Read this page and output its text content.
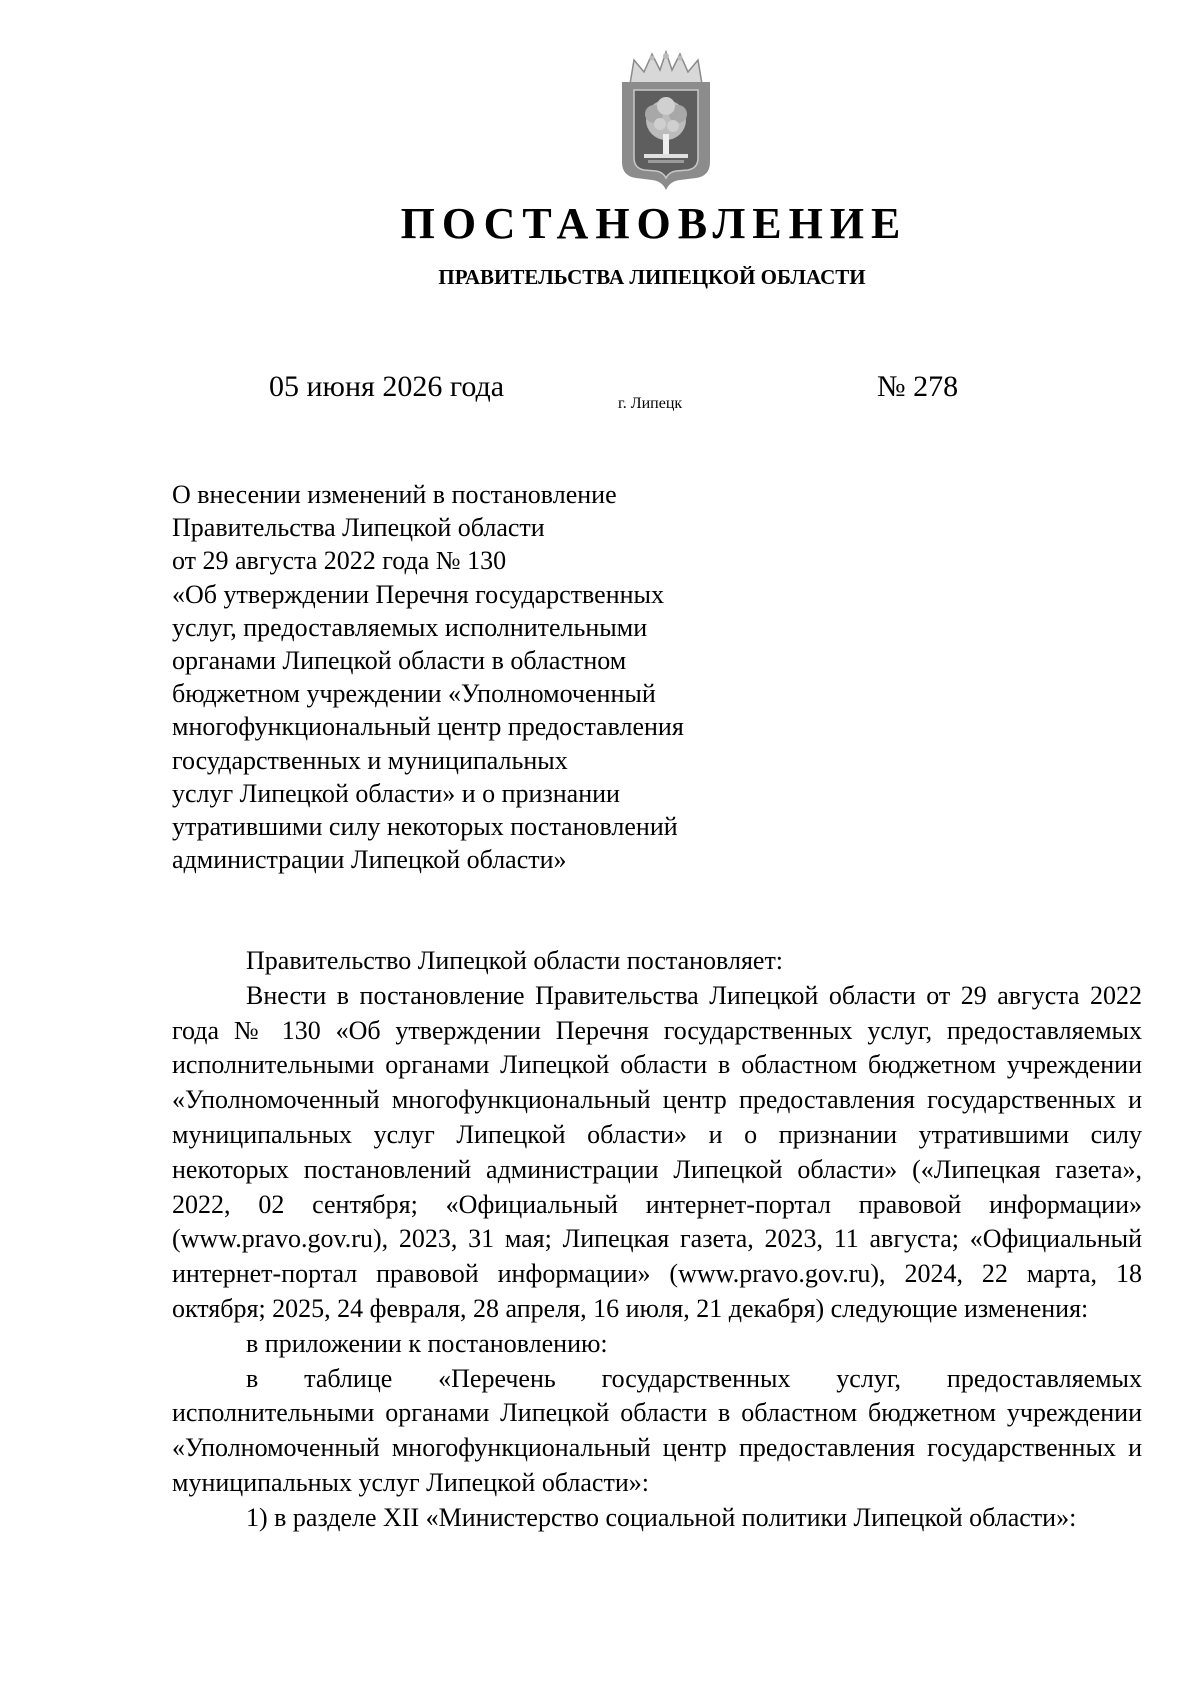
ПОСТАНОВЛЕНИЕ
ПРАВИТЕЛЬСТВА ЛИПЕЦКОЙ ОБЛАСТИ
05 июня 2026 года
г. Липецк
№ 278
О внесении изменений в постановление
Правительства Липецкой области
от 29 августа 2022 года № 130
«Об утверждении Перечня государственных
услуг, предоставляемых исполнительными
органами Липецкой области в областном
бюджетном учреждении «Уполномоченный
многофункциональный центр предоставления
государственных и муниципальных
услуг Липецкой области» и о признании
утратившими силу некоторых постановлений
администрации Липецкой области»

Правительство Липецкой области постановляет:

Внести в постановление Правительства Липецкой области от 29 августа 2022 года № 130 «Об утверждении Перечня государственных услуг, предоставляемых исполнительными органами Липецкой области в областном бюджетном учреждении «Уполномоченный многофункциональный центр предоставления государственных и муниципальных услуг Липецкой области» и о признании утратившими силу некоторых постановлений администрации Липецкой области» («Липецкая газета», 2022, 02 сентября; «Официальный интернет-портал правовой информации» (www.pravo.gov.ru), 2023, 31 мая; Липецкая газета, 2023, 11 августа; «Официальный интернет-портал правовой информации» (www.pravo.gov.ru), 2024, 22 марта, 18 октября; 2025, 24 февраля, 28 апреля, 16 июля, 21 декабря) следующие изменения:

в приложении к постановлению:

в таблице «Перечень государственных услуг, предоставляемых исполнительными органами Липецкой области в областном бюджетном учреждении «Уполномоченный многофункциональный центр предоставления государственных и муниципальных услуг Липецкой области»:

1) в разделе XII «Министерство социальной политики Липецкой области»:
